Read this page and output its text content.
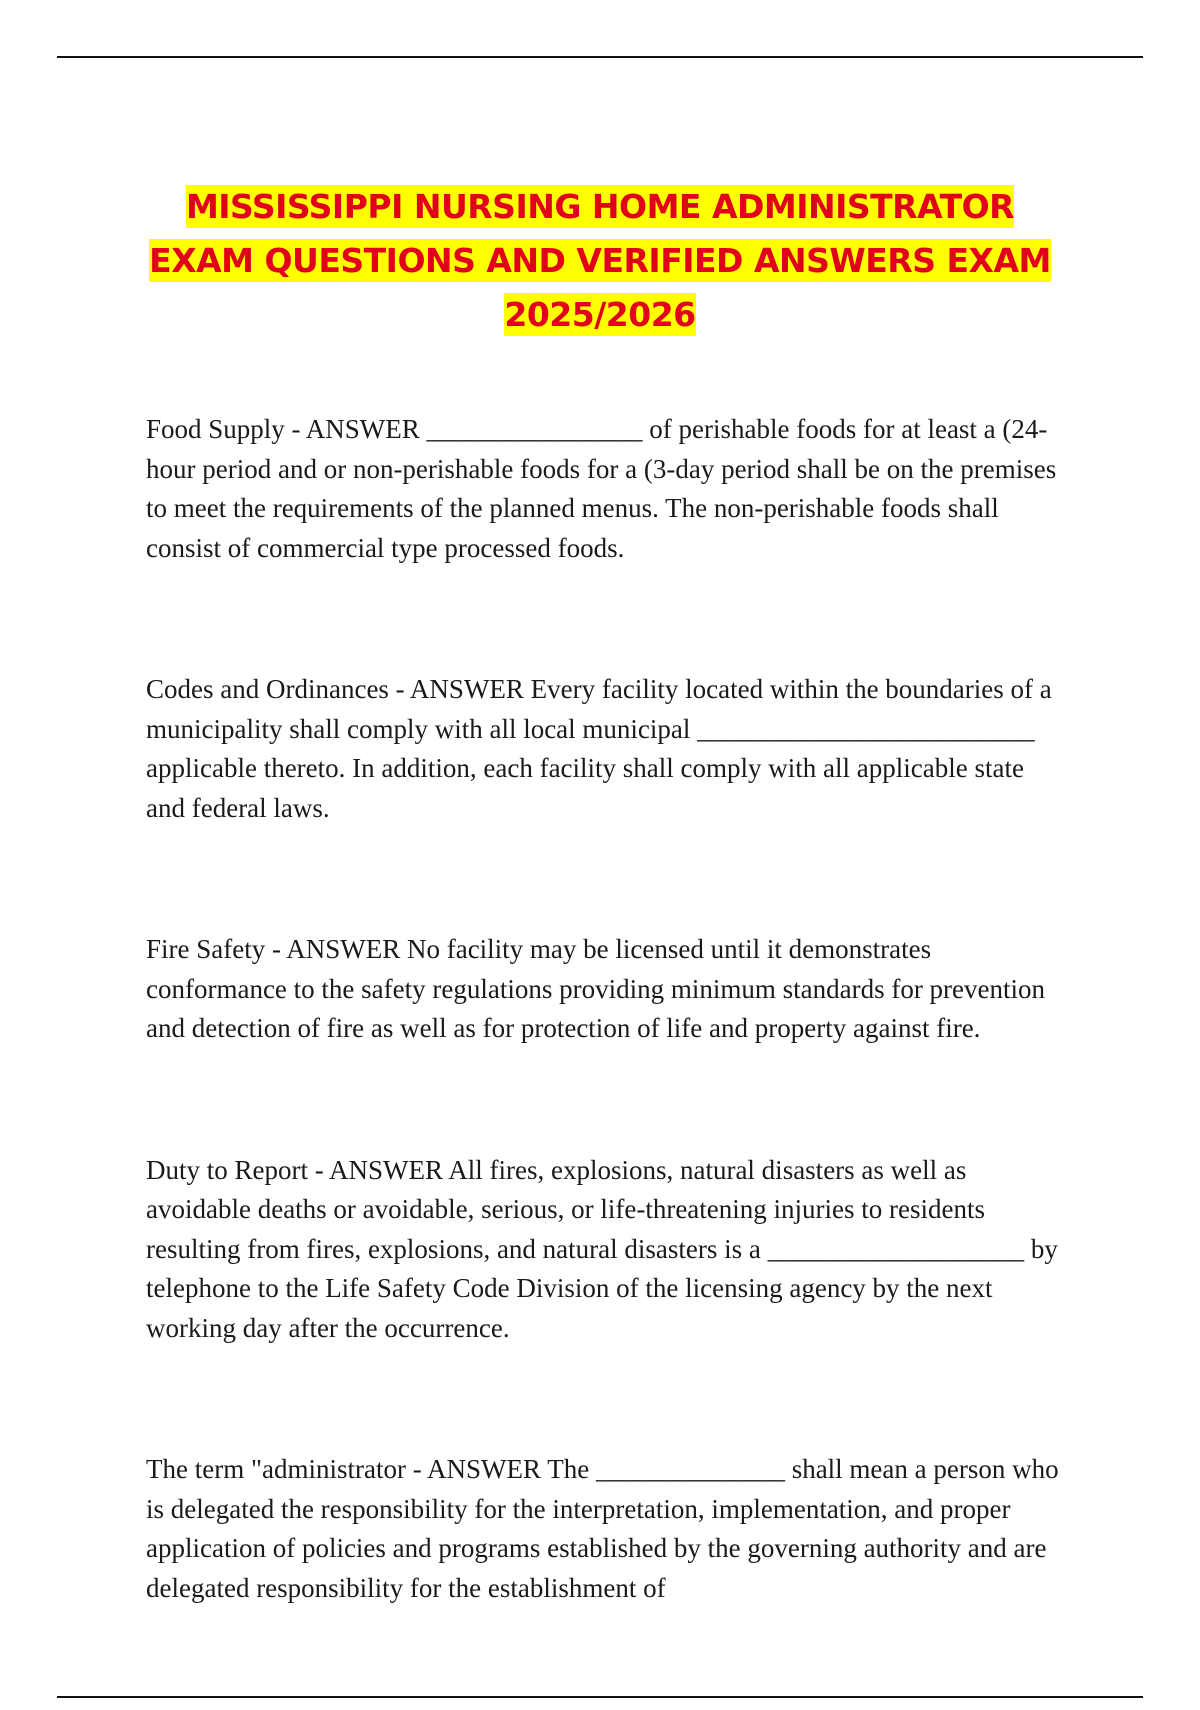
MISSISSIPPI NURSING HOME ADMINISTRATOR
EXAM QUESTIONS AND VERIFIED ANSWERS EXAM
2025/2026

Food Supply - ANSWER ________________ of perishable foods for at least a (24-hour period and or non-perishable foods for a (3-day period shall be on the premises to meet the requirements of the planned menus. The non-perishable foods shall consist of commercial type processed foods.

Codes and Ordinances - ANSWER Every facility located within the boundaries of a municipality shall comply with all local municipal _________________________ applicable thereto. In addition, each facility shall comply with all applicable state and federal laws.

Fire Safety - ANSWER No facility may be licensed until it demonstrates conformance to the safety regulations providing minimum standards for prevention and detection of fire as well as for protection of life and property against fire.

Duty to Report - ANSWER All fires, explosions, natural disasters as well as avoidable deaths or avoidable, serious, or life-threatening injuries to residents resulting from fires, explosions, and natural disasters is a ___________________ by telephone to the Life Safety Code Division of the licensing agency by the next working day after the occurrence.

The term "administrator - ANSWER The ______________ shall mean a person who is delegated the responsibility for the interpretation, implementation, and proper application of policies and programs established by the governing authority and are delegated responsibility for the establishment of
